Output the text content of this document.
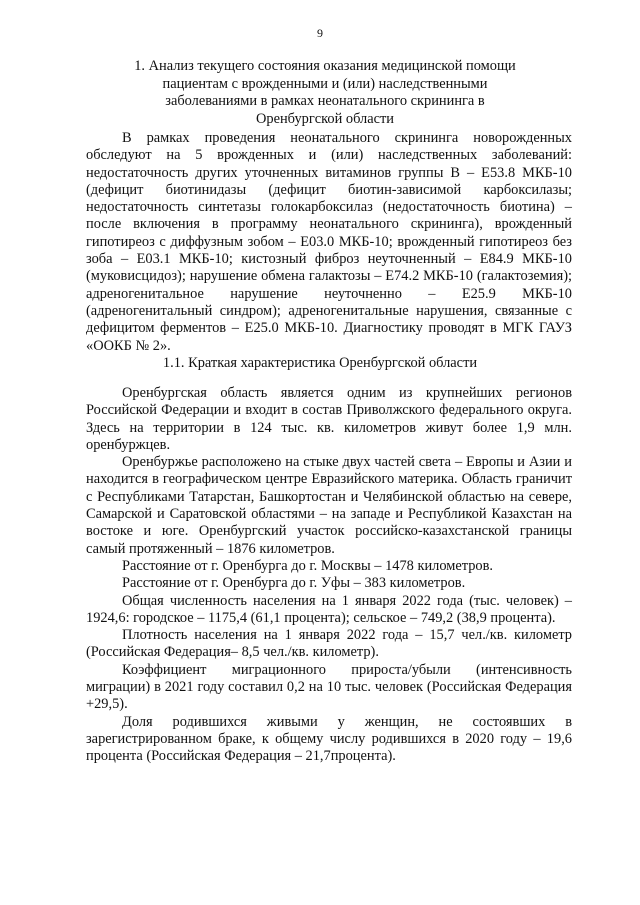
9
1. Анализ текущего состояния оказания медицинской помощи пациентам с врожденными и (или) наследственными заболеваниями в рамках неонатального скрининга в Оренбургской области

В рамках проведения неонатального скрининга новорожденных обследуют на 5 врожденных и (или) наследственных заболеваний: недостаточность других уточненных витаминов группы В – Е53.8 МКБ-10 (дефицит биотинидазы (дефицит биотин-зависимой карбоксилазы; недостаточность синтетазы голокарбоксилаз (недостаточность биотина) – после включения в программу неонатального скрининга), врожденный гипотиреоз с диффузным зобом – Е03.0 МКБ-10; врожденный гипотиреоз без зоба – Е03.1 МКБ-10; кистозный фиброз неуточненный – Е84.9 МКБ-10 (муковисцидоз); нарушение обмена галактозы – Е74.2 МКБ-10 (галактоземия); адреногенитальное нарушение неуточненно – Е25.9 МКБ-10 (адреногенитальный синдром); адреногенитальные нарушения, связанные с дефицитом ферментов – Е25.0 МКБ-10. Диагностику проводят в МГК ГАУЗ «ООКБ № 2».

1.1. Краткая характеристика Оренбургской области

Оренбургская область является одним из крупнейших регионов Российской Федерации и входит в состав Приволжского федерального округа. Здесь на территории в 124 тыс. кв. километров живут более 1,9 млн. оренбуржцев.

Оренбуржье расположено на стыке двух частей света – Европы и Азии и находится в географическом центре Евразийского материка. Область граничит с Республиками Татарстан, Башкортостан и Челябинской областью на севере, Самарской и Саратовской областями – на западе и Республикой Казахстан на востоке и юге. Оренбургский участок российско-казахстанской границы самый протяженный – 1876 километров.

Расстояние от г. Оренбурга до г. Москвы – 1478 километров.

Расстояние от г. Оренбурга до г. Уфы – 383 километров.

Общая численность населения на 1 января 2022 года (тыс. человек) – 1924,6: городское – 1175,4 (61,1 процента); сельское – 749,2 (38,9 процента).

Плотность населения на 1 января 2022 года – 15,7 чел./кв. километр (Российская Федерация– 8,5 чел./кв. километр).

Коэффициент миграционного прироста/убыли (интенсивность миграции) в 2021 году составил 0,2 на 10 тыс. человек (Российская Федерация +29,5).

Доля родившихся живыми у женщин, не состоявших в зарегистрированном браке, к общему числу родившихся в 2020 году – 19,6 процента (Российская Федерация – 21,7процента).
